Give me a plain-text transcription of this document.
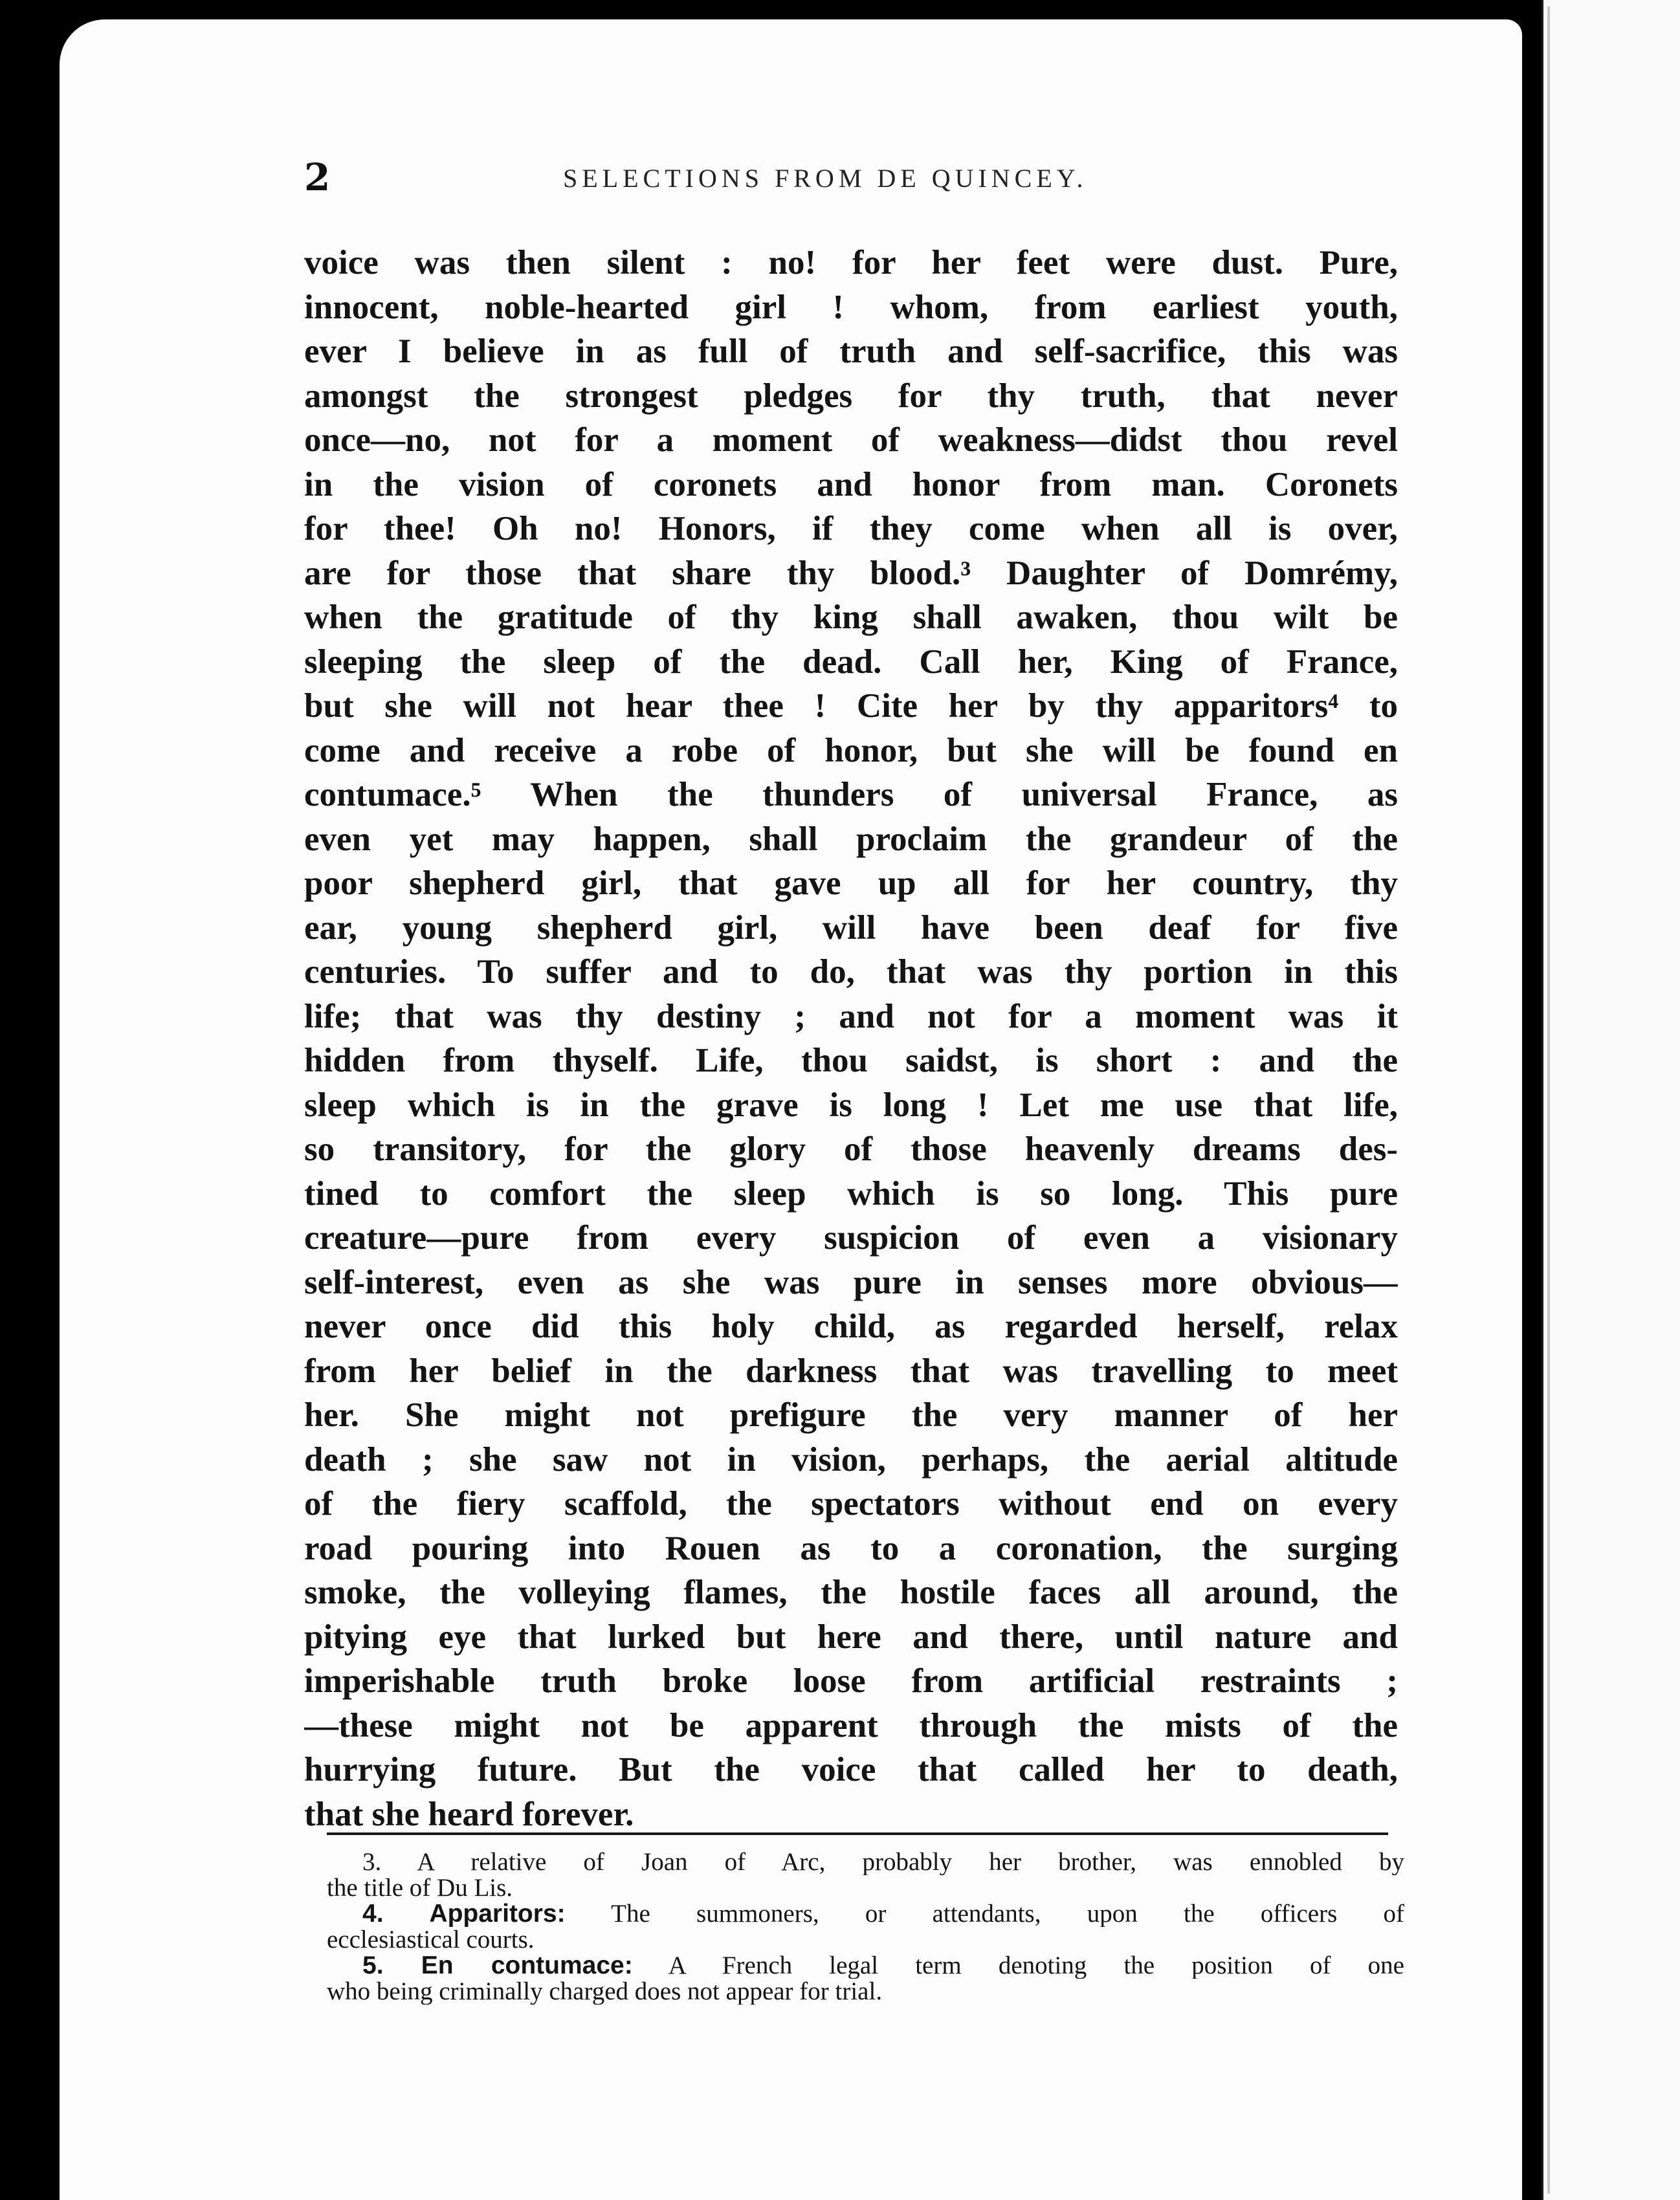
2	SELECTIONS FROM DE QUINCEY.
voice was then silent : no! for her feet were dust. Pure,
innocent, noble-hearted girl ! whom, from earliest youth,
ever I believe in as full of truth and self-sacrifice, this was
amongst the strongest pledges for thy truth, that never
once—no, not for a moment of weakness—didst thou revel
in the vision of coronets and honor from man. Coronets
for thee! Oh no! Honors, if they come when all is over,
are for those that share thy blood.³ Daughter of Domrémy,
when the gratitude of thy king shall awaken, thou wilt be
sleeping the sleep of the dead. Call her, King of France,
but she will not hear thee ! Cite her by thy apparitors⁴ to
come and receive a robe of honor, but she will be found en
contumace.⁵ When the thunders of universal France, as
even yet may happen, shall proclaim the grandeur of the
poor shepherd girl, that gave up all for her country, thy
ear, young shepherd girl, will have been deaf for five
centuries. To suffer and to do, that was thy portion in this
life; that was thy destiny ; and not for a moment was it
hidden from thyself. Life, thou saidst, is short : and the
sleep which is in the grave is long ! Let me use that life,
so transitory, for the glory of those heavenly dreams des-
tined to comfort the sleep which is so long. This pure
creature—pure from every suspicion of even a visionary
self-interest, even as she was pure in senses more obvious—
never once did this holy child, as regarded herself, relax
from her belief in the darkness that was travelling to meet
her. She might not prefigure the very manner of her
death ; she saw not in vision, perhaps, the aerial altitude
of the fiery scaffold, the spectators without end on every
road pouring into Rouen as to a coronation, the surging
smoke, the volleying flames, the hostile faces all around, the
pitying eye that lurked but here and there, until nature and
imperishable truth broke loose from artificial restraints ;
—these might not be apparent through the mists of the
hurrying future. But the voice that called her to death,
that she heard forever.
3. A relative of Joan of Arc, probably her brother, was ennobled by
the title of Du Lis.
4. Apparitors: The summoners, or attendants, upon the officers of
ecclesiastical courts.
5. En contumace: A French legal term denoting the position of one
who being criminally charged does not appear for trial.
